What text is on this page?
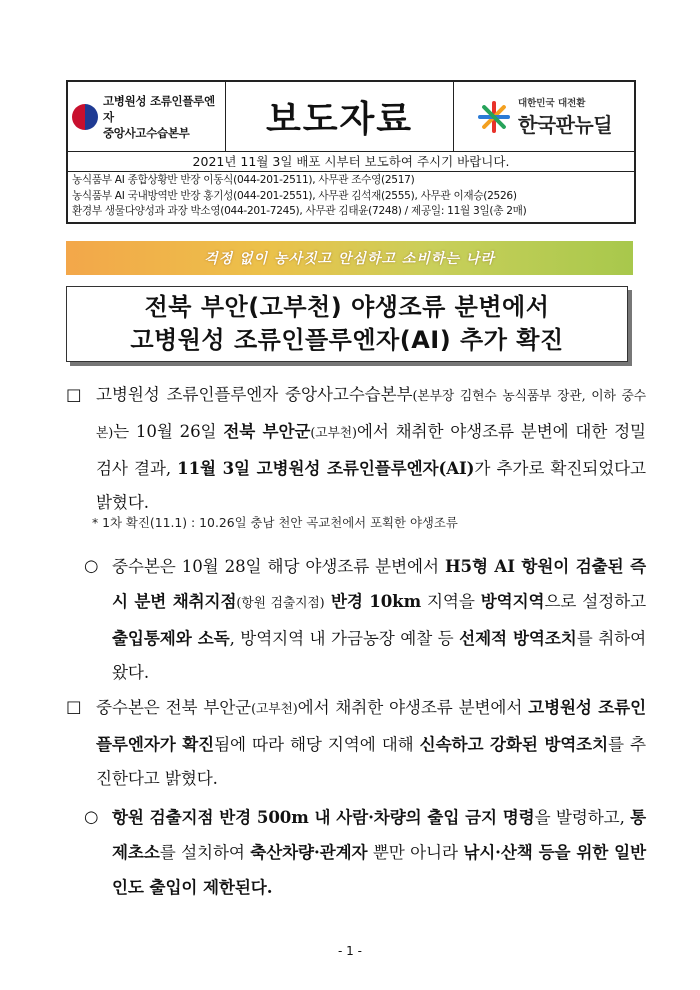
고병원성 조류인플루엔자
중앙사고수습본부	보도자료	대한민국 대전환
한국판뉴딜
2021년 11월 3일 배포 시부터 보도하여 주시기 바랍니다.
농식품부 AI 종합상황반 반장 이동식(044-201-2511), 사무관 조수영(2517)
농식품부 AI 국내방역반 반장 홍기성(044-201-2551), 사무관 김석재(2555), 사무관 이재승(2526)
환경부 생물다양성과 과장 박소영(044-201-7245), 사무관 김태윤(7248) / 제공일: 11월 3일(총 2매)
걱정 없이 농사짓고 안심하고 소비하는 나라
전북 부안(고부천) 야생조류 분변에서
고병원성 조류인플루엔자(AI) 추가 확진
□ 고병원성 조류인플루엔자 중앙사고수습본부(본부장 김현수 농식품부 장관, 이하 중수본)는 10월 26일 전북 부안군(고부천)에서 채취한 야생조류 분변에 대한 정밀검사 결과, 11월 3일 고병원성 조류인플루엔자(AI)가 추가로 확진되었다고 밝혔다.
* 1차 확진(11.1) : 10.26일 충남 천안 곡교천에서 포획한 야생조류
○ 중수본은 10월 28일 해당 야생조류 분변에서 H5형 AI 항원이 검출된 즉시 분변 채취지점(항원 검출지점) 반경 10km 지역을 방역지역으로 설정하고 출입통제와 소독, 방역지역 내 가금농장 예찰 등 선제적 방역조치를 취하여 왔다.
□ 중수본은 전북 부안군(고부천)에서 채취한 야생조류 분변에서 고병원성 조류인플루엔자가 확진됨에 따라 해당 지역에 대해 신속하고 강화된 방역조치를 추진한다고 밝혔다.
○ 항원 검출지점 반경 500m 내 사람·차량의 출입 금지 명령을 발령하고, 통제초소를 설치하여 축산차량·관계자 뿐만 아니라 낚시·산책 등을 위한 일반인도 출입이 제한된다.
- 1 -
